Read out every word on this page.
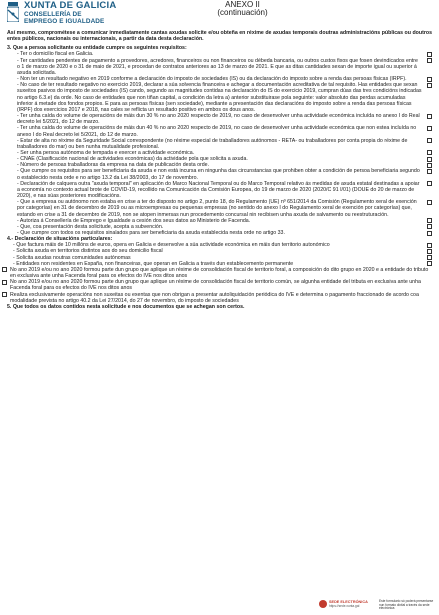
XUNTA DE GALICIA
CONSELLERÍA DE
EMPREGO E IGUALDADE
ANEXO II
(continuación)

Así mesmo, comprométese a comunicar inmediatamente cantas axudas solicite e/ou obteña en réxime de axudas temporais doutras administracións públicas ou doutros entes públicos, nacionais ou internacionais, a partir da data desta declaración.

3. Que a persoa solicitante ou entidade cumpre os seguintes requisitos:

- Ter o domicilio fiscal en Galicia.
- Ter cantidades pendentes de pagamento a provedores, acredores, financeiros ou non financeiros ou débeda bancaria, ou outros custos fixos que fosen devindicados entre o 1 de marzo de 2020 e o 31 de maio de 2021, e procedan de contratos anteriores ao 13 de marzo de 2021. E que as ditas cantidades sexan de importe igual ou superior á axuda solicitada.
- Non ter un resultado negativo en 2019 conforme a declaración do imposto de sociedades (IS) ou da declaración do imposto sobre a renda das persoas físicas (IRPF).
- No caso de ter resultado negativo no exercicio 2019, declarar a súa solvencia financeira e achegar a documentación acreditativa de tal requisito. Has entidades que sexan suxeitos pasivos do imposto de sociedades (IS) cando, segundo as magnitudes contidas na declaración do IS do exercicio 2019, cumpran dúas das tres condicións indicadas no artigo 6.3.e) da orde. No caso de entidades que non tiñan capital, a condición da letra a) anterior substituirase pola seguinte: valor absoluto das perdas acumuladas inferior á metade dos fondos propios. E para as persoas físicas (sen sociedade), mediante a presentación das declaracións do imposto sobre a renda das persoas físicas (IRPF) dos exercicios 2017 e 2018, nas cales se reflicta un resultado positivo en ambos os dous anos.
- Ter unha caída do volume de operacións de máis dun 30 % no ano 2020 respecto de 2019, no caso de desenvolver unha actividade económica incluída no anexo I do Real decreto lei 5/2021, do 12 de marzo.
- Ter unha caída do volume de operacións de máis dun 40 % no ano 2020 respecto de 2019, no caso de desenvolver unha actividade económica que non estea incluída no anexo I do Real decreto lei 5/2021, do 12 de marzo.
- Estar de alta no réxime da Seguridade Social correspondente (no réxime especial de traballadores autónomos - RETA- ou traballadores por conta propia do réxime de traballadores do mar) ou ben nunha mutualidade profesional.
- Ser unha persoa autónoma de tempada e exercer a actividade económica.
- CNAE (Clasificación nacional de actividades económicas) da actividade pola que solicita a axuda.
- Número de persoas traballadoras da empresa na data de publicación desta orde.
- Que cumpre os requisitos para ser beneficiaria da axuda e non está incursa en ningunha das circunstancias que prohiben obter a condición de persoa beneficiaria segundo o establecido nesta orde e no artigo 13.2 da Lei 38/2003, do 17 de novembro.
- Declaración de calquera outra "axuda temporal" en aplicación do Marco Nacional Temporal ou do Marco Temporal relativo ás medidas de axuda estatal destinadas a apoiar a economía no contexto actual brote de COVID-19, recollido na Comunicación da Comisión Europea, do 19 de marzo de 2020 (2020/C 91 I/01) (DOUE do 20 de marzo de 2020), e nas súas posteriores modificacións.
- Que a empresa ou autónomo non estaba en crise a ter do disposto no artigo 2, punto 18, do Regulamento (UE) nº 651/2014 da Comisión (Regulamento xeral de exención por categorías) en 31 de decembro de 2019 ou as microempresas ou pequenas empresas (no sentido do anexo I do Regulamento xeral de exención por categorías) que, estando en crise a 31 de decembro de 2019, non se atopen inmersas nun procedemento concursal nin recibisen unha axuda de salvamento ou reestruturación.
- Autoriza á Consellería de Emprego e Igualdade a cesión dos seus datos ao Ministerio de Facenda.
- Que, coa presentación desta solicitude, acepta a subvención.
- Que cumpre con todos os requisitos sinalados para ser beneficiaria da axuda establecida nesta orde no artigo 33.

4.- Declaración de situacións particulares:

- Que factura máis de 10 millóns de euros, opera en Galicia e desenvolve a súa actividade económica en máis dun territorio autonómico
- Solicita axuda en territorios distintos aos do seu domicilio fiscal
- Solicita axudas noutras comunidades autónomas
- Entidades non residentes en España, non financeiras, que operan en Galicia a través dun establecemento permanente
No ano 2019 e/ou no ano 2020 formou parte dun grupo que aplique un réxime de consolidación fiscal de territorio foral, a composición do dito grupo en 2020 e a entidade do tributo en exclusiva ante unha Facenda foral para os efectos do IVE nos ditos anos
No ano 2019 e/ou no ano 2020 formou parte dun grupo que aplique un réxime de consolidación fiscal de territorio común, se algunha entidade del tributa en exclusiva ante unha Facenda foral para os efectos do IVE nos ditos anos
Realiza exclusivamente operacións non suxeitas ou exentas que non obrigan a presentar autoliquidación periódica do IVE e determina o pagamento fraccionado de acordo coa modalidade prevista no artigo 40.2 da Lei 27/2014, do 27 de novembro, do imposto de sociedades

5. Que todos os datos contidos nesta solicitude e nos documentos que se achegan son certos.

SEDE ELECTRÓNICA
https://sede.xunta.gal
Este formulario só poderá presentarse nun formato dixital a través da sede electrónica
